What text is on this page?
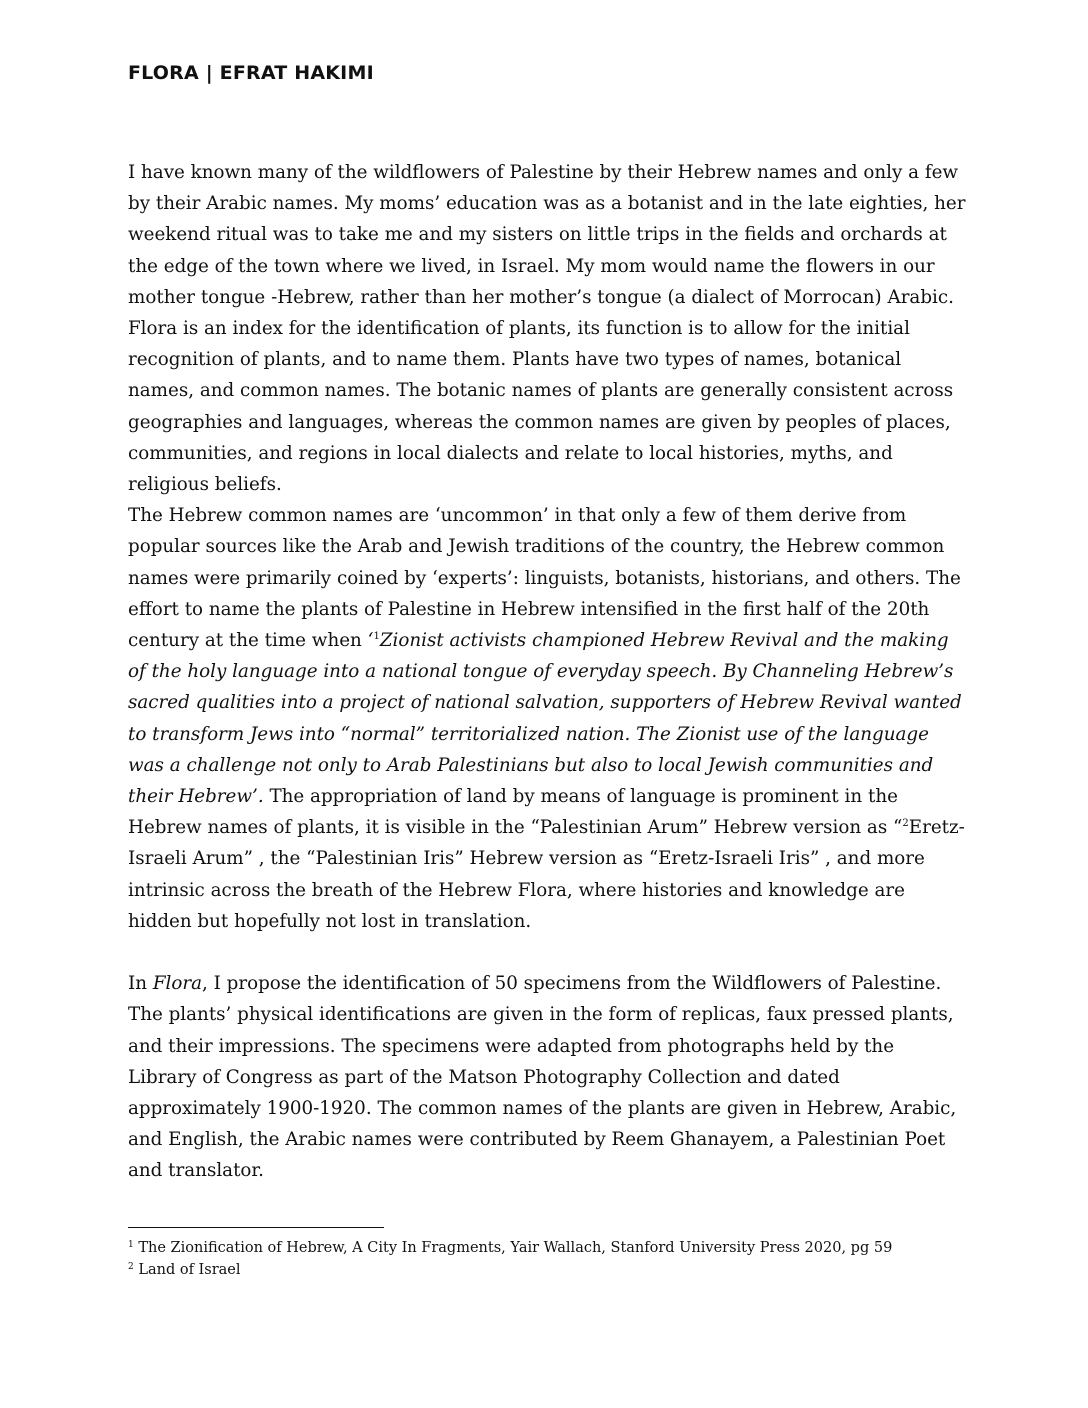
FLORA | EFRAT HAKIMI

I have known many of the wildflowers of Palestine by their Hebrew names and only a few by their Arabic names. My moms’ education was as a botanist and in the late eighties, her weekend ritual was to take me and my sisters on little trips in the fields and orchards at the edge of the town where we lived, in Israel. My mom would name the flowers in our mother tongue -Hebrew, rather than her mother’s tongue (a dialect of Morrocan) Arabic.

Flora is an index for the identification of plants, its function is to allow for the initial recognition of plants, and to name them. Plants have two types of names, botanical names, and common names. The botanic names of plants are generally consistent across geographies and languages, whereas the common names are given by peoples of places, communities, and regions in local dialects and relate to local histories, myths, and religious beliefs.

The Hebrew common names are ‘uncommon’ in that only a few of them derive from popular sources like the Arab and Jewish traditions of the country, the Hebrew common names were primarily coined by ‘experts’: linguists, botanists, historians, and others. The effort to name the plants of Palestine in Hebrew intensified in the first half of the 20th century at the time when ‘$^1$Zionist activists championed Hebrew Revival and the making of the holy language into a national tongue of everyday speech. By Channeling Hebrew’s sacred qualities into a project of national salvation, supporters of Hebrew Revival wanted to transform Jews into “normal” territorialized nation. The Zionist use of the language was a challenge not only to Arab Palestinians but also to local Jewish communities and their Hebrew’. The appropriation of land by means of language is prominent in the Hebrew names of plants, it is visible in the “Palestinian Arum” Hebrew version as “$^2$Eretz-Israeli Arum” , the “Palestinian Iris” Hebrew version as “Eretz-Israeli Iris” , and more intrinsic across the breath of the Hebrew Flora, where histories and knowledge are hidden but hopefully not lost in translation.

In Flora, I propose the identification of 50 specimens from the Wildflowers of Palestine. The plants’ physical identifications are given in the form of replicas, faux pressed plants, and their impressions. The specimens were adapted from photographs held by the Library of Congress as part of the Matson Photography Collection and dated approximately 1900-1920. The common names of the plants are given in Hebrew, Arabic, and English, the Arabic names were contributed by Reem Ghanayem, a Palestinian Poet and translator.

$^1$ The Zionification of Hebrew, A City In Fragments, Yair Wallach, Stanford University Press 2020, pg 59
$^2$ Land of Israel
